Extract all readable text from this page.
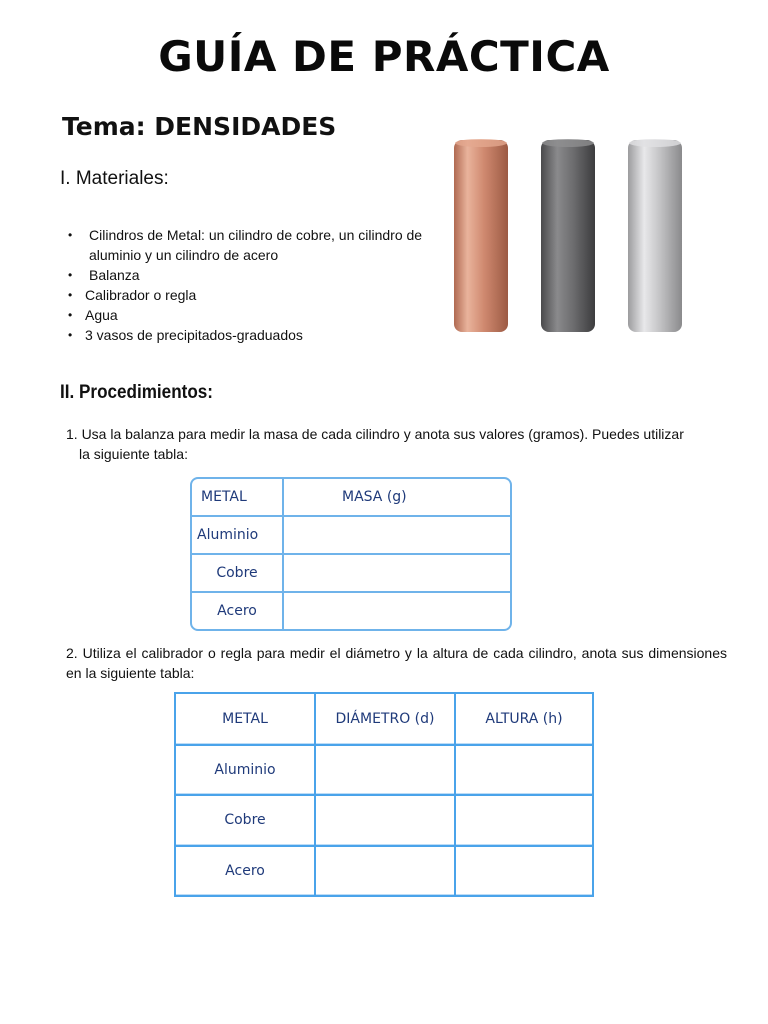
GUÍA DE PRÁCTICA
Tema: DENSIDADES
I. Materiales:
• Cilindros de Metal: un cilindro de cobre, un cilindro de aluminio y un cilindro de acero
• Balanza
• Calibrador o regla
• Agua
• 3 vasos de precipitados-graduados
II. Procedimientos:
1. Usa la balanza para medir la masa de cada cilindro y anota sus valores (gramos). Puedes utilizar
la siguiente tabla:
METAL	MASA (g)
Aluminio	
Cobre	
Acero	
2. Utiliza el calibrador o regla para medir el diámetro y la altura de cada cilindro, anota sus dimensiones en la siguiente tabla:
METAL	DIÁMETRO (d)	ALTURA (h)
Aluminio		
Cobre		
Acero		
